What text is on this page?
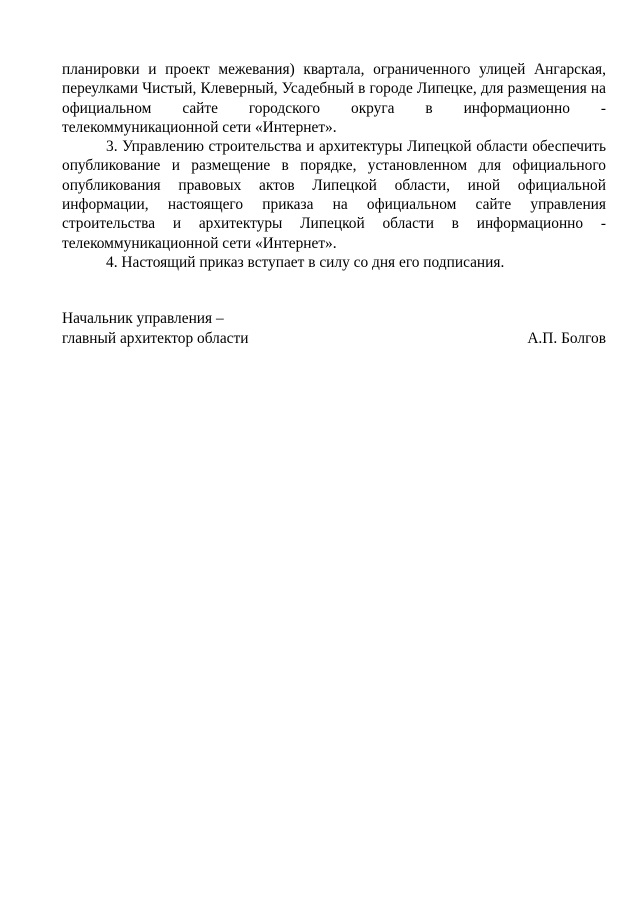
планировки и проект межевания) квартала, ограниченного улицей Ангарская,
переулками Чистый, Клеверный, Усадебный в городе Липецке, для размещения на
официальном сайте городского округа в информационно -
телекоммуникационной сети «Интернет».

3. Управлению строительства и архитектуры Липецкой области обеспечить
опубликование и размещение в порядке, установленном для официального
опубликования правовых актов Липецкой области, иной официальной
информации, настоящего приказа на официальном сайте управления
строительства и архитектуры Липецкой области в информационно -
телекоммуникационной сети «Интернет».

4. Настоящий приказ вступает в силу со дня его подписания.

Начальник управления –
главный архитектор области	А.П. Болгов
